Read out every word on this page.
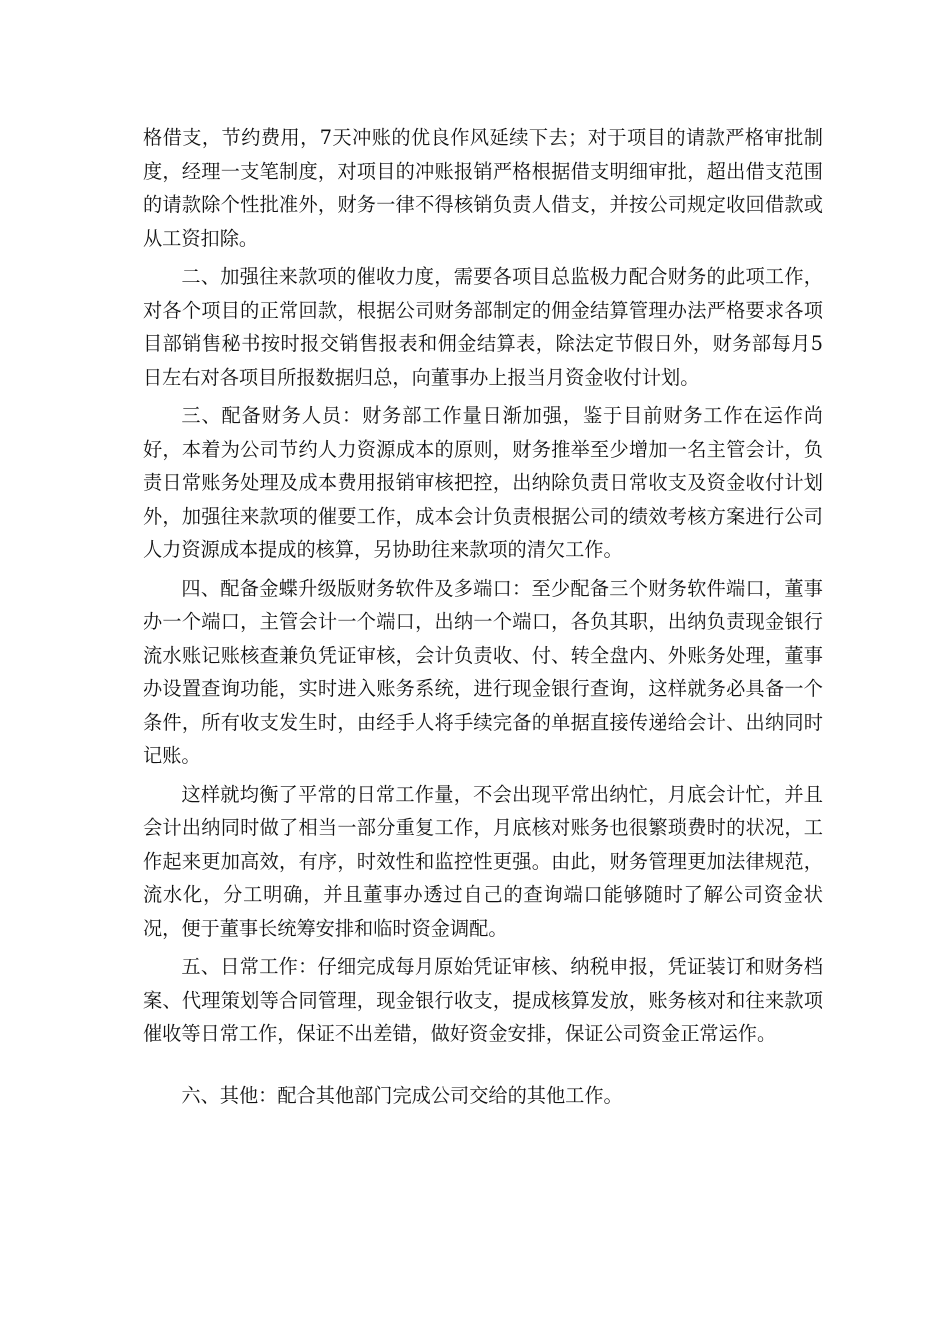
格借支，节约费用，7天冲账的优良作风延续下去；对于项目的请款严格审批制度，经理一支笔制度，对项目的冲账报销严格根据借支明细审批，超出借支范围的请款除个性批准外，财务一律不得核销负责人借支，并按公司规定收回借款或从工资扣除。

二、加强往来款项的催收力度，需要各项目总监极力配合财务的此项工作，对各个项目的正常回款，根据公司财务部制定的佣金结算管理办法严格要求各项目部销售秘书按时报交销售报表和佣金结算表，除法定节假日外，财务部每月5日左右对各项目所报数据归总，向董事办上报当月资金收付计划。

三、配备财务人员：财务部工作量日渐加强，鉴于目前财务工作在运作尚好，本着为公司节约人力资源成本的原则，财务推举至少增加一名主管会计，负责日常账务处理及成本费用报销审核把控，出纳除负责日常收支及资金收付计划外，加强往来款项的催要工作，成本会计负责根据公司的绩效考核方案进行公司人力资源成本提成的核算，另协助往来款项的清欠工作。

四、配备金蝶升级版财务软件及多端口：至少配备三个财务软件端口，董事办一个端口，主管会计一个端口，出纳一个端口，各负其职，出纳负责现金银行流水账记账核查兼负凭证审核，会计负责收、付、转全盘内、外账务处理，董事办设置查询功能，实时进入账务系统，进行现金银行查询，这样就务必具备一个条件，所有收支发生时，由经手人将手续完备的单据直接传递给会计、出纳同时记账。

这样就均衡了平常的日常工作量，不会出现平常出纳忙，月底会计忙，并且会计出纳同时做了相当一部分重复工作，月底核对账务也很繁琐费时的状况，工作起来更加高效，有序，时效性和监控性更强。由此，财务管理更加法律规范，流水化，分工明确，并且董事办透过自己的查询端口能够随时了解公司资金状况，便于董事长统筹安排和临时资金调配。

五、日常工作：仔细完成每月原始凭证审核、纳税申报，凭证装订和财务档案、代理策划等合同管理，现金银行收支，提成核算发放，账务核对和往来款项催收等日常工作，保证不出差错，做好资金安排，保证公司资金正常运作。

六、其他：配合其他部门完成公司交给的其他工作。
